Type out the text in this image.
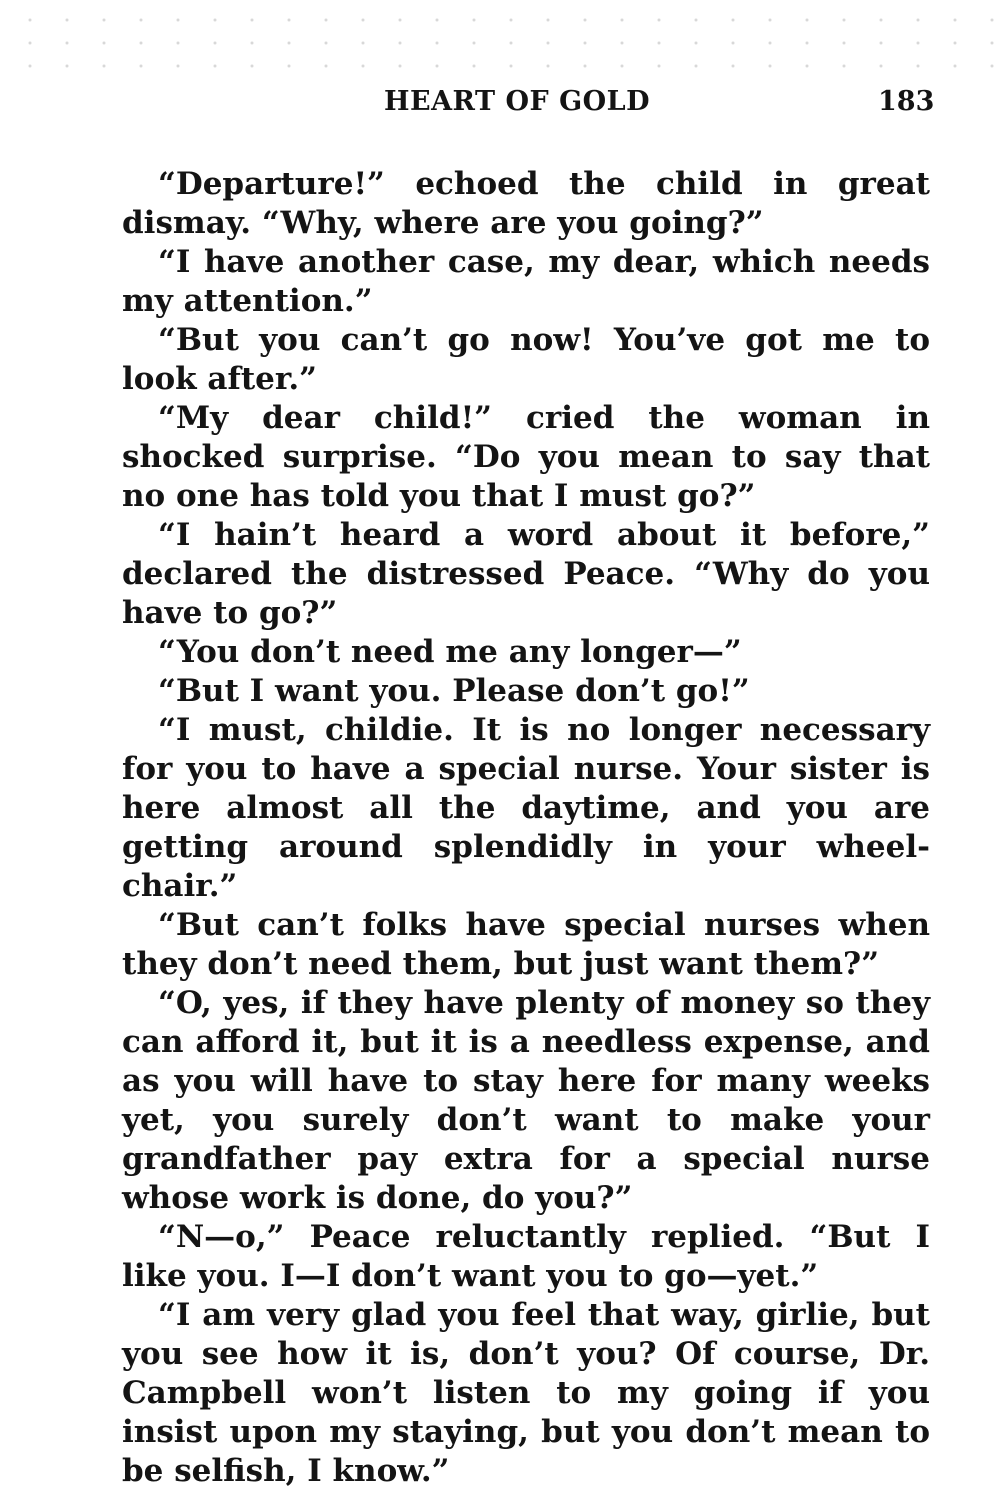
HEART OF GOLD	183

“Departure!” echoed the child in great dismay. “Why, where are you going?”

“I have another case, my dear, which needs my attention.”

“But you can’t go now! You’ve got me to look after.”

“My dear child!” cried the woman in shocked surprise. “Do you mean to say that no one has told you that I must go?”

“I hain’t heard a word about it before,” declared the distressed Peace. “Why do you have to go?”

“You don’t need me any longer—”

“But I want you. Please don’t go!”

“I must, childie. It is no longer necessary for you to have a special nurse. Your sister is here almost all the daytime, and you are getting around splendidly in your wheel-chair.”

“But can’t folks have special nurses when they don’t need them, but just want them?”

“O, yes, if they have plenty of money so they can afford it, but it is a needless expense, and as you will have to stay here for many weeks yet, you surely don’t want to make your grandfather pay extra for a special nurse whose work is done, do you?”

“N—o,” Peace reluctantly replied. “But I like you. I—I don’t want you to go—yet.”

“I am very glad you feel that way, girlie, but you see how it is, don’t you? Of course, Dr. Campbell won’t listen to my going if you insist upon my staying, but you don’t mean to be selfish, I know.”
